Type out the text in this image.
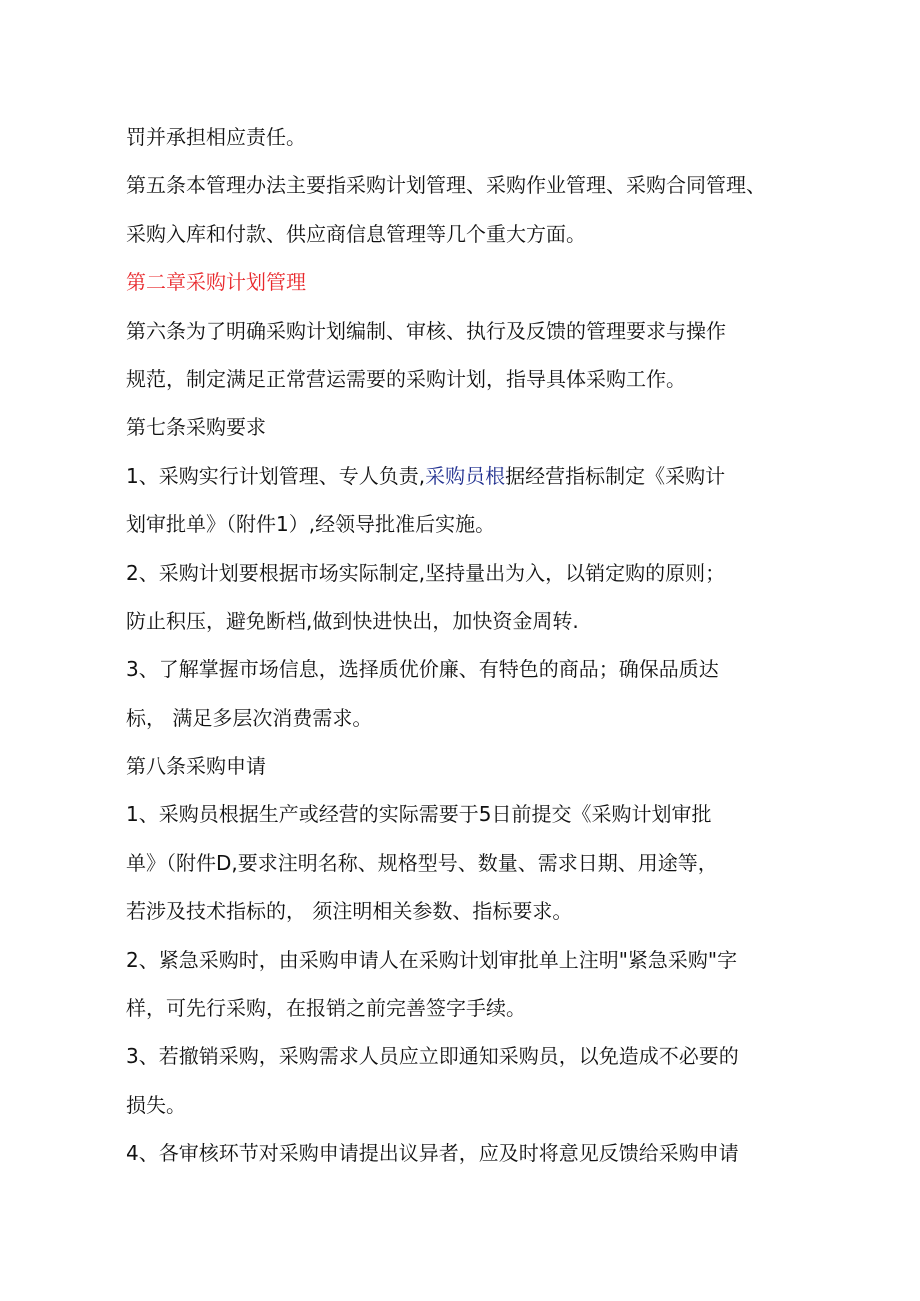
罚并承担相应责任。
第五条本管理办法主要指采购计划管理、采购作业管理、采购合同管理、
采购入库和付款、供应商信息管理等几个重大方面。
第二章采购计划管理
第六条为了明确采购计划编制、审核、执行及反馈的管理要求与操作
规范，制定满足正常营运需要的采购计划，指导具体采购工作。
第七条采购要求
1、采购实行计划管理、专人负责,采购员根据经营指标制定《采购计
划审批单》（附件1）,经领导批准后实施。
2、采购计划要根据市场实际制定,坚持量出为入，以销定购的原则；
防止积压，避免断档,做到快进快出，加快资金周转.
3、了解掌握市场信息，选择质优价廉、有特色的商品；确保品质达
标， 满足多层次消费需求。
第八条采购申请
1、采购员根据生产或经营的实际需要于5日前提交《采购计划审批
单》（附件D,要求注明名称、规格型号、数量、需求日期、用途等，
若涉及技术指标的， 须注明相关参数、指标要求。
2、紧急采购时，由采购申请人在采购计划审批单上注明"紧急采购"字
样，可先行采购，在报销之前完善签字手续。
3、若撤销采购，采购需求人员应立即通知采购员，以免造成不必要的
损失。
4、各审核环节对采购申请提出议异者，应及时将意见反馈给采购申请
